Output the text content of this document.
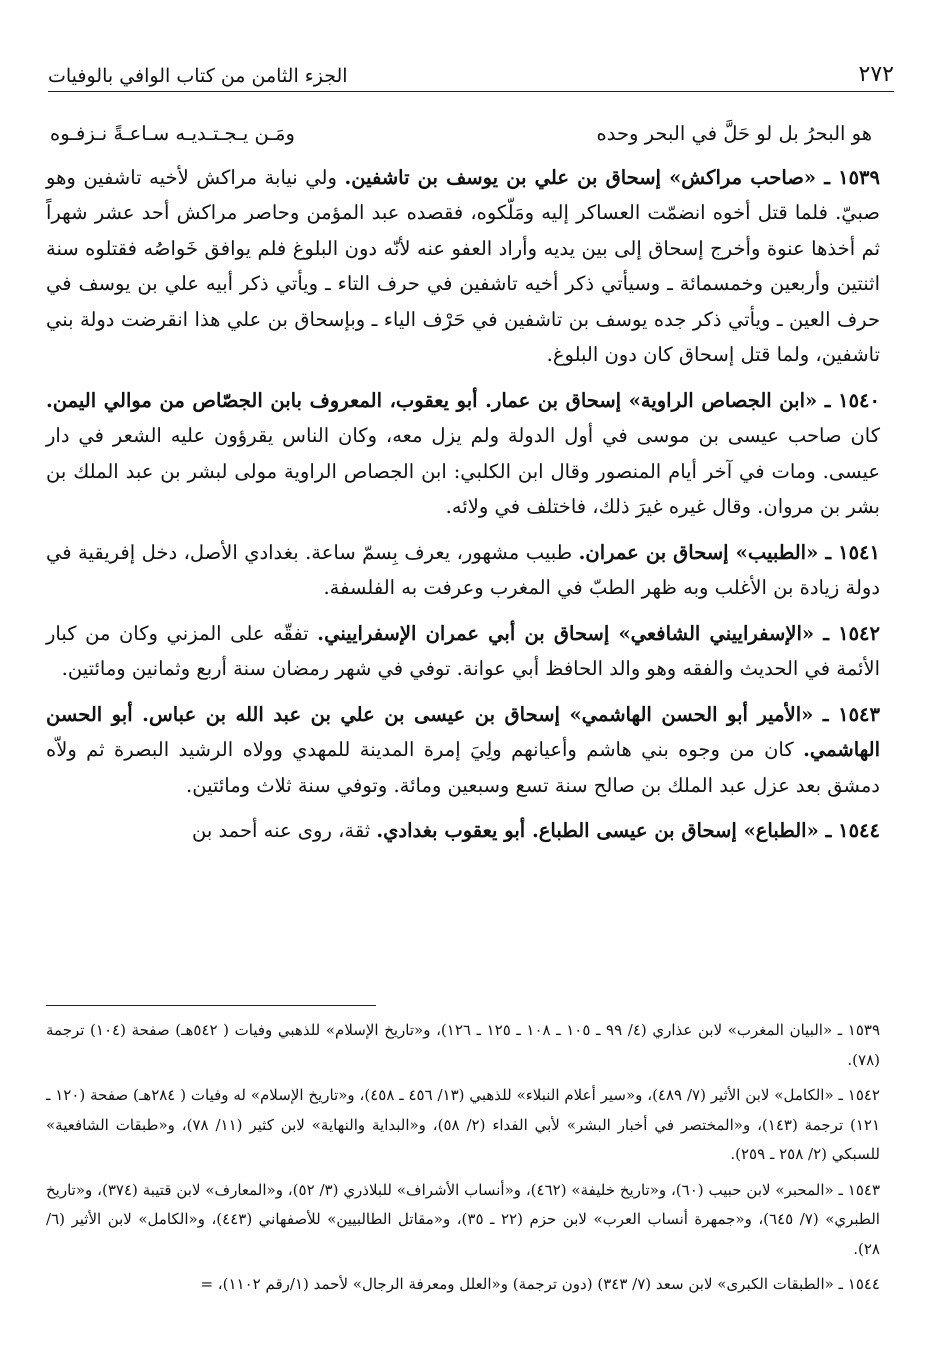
٢٧٢
الجزء الثامن من كتاب الوافي بالوفيات
هو البحرُ بل لو حَلَّ في البحر وحده
ومَـن يـجـتـديـه سـاعـةً نـزفـوه
١٥٣٩ ـ «صاحب مراكش» إسحاق بن علي بن يوسف بن تاشفين. ولي نيابة مراكش لأخيه تاشفين وهو صبيّ. فلما قتل أخوه انضمّت العساكر إليه ومَلّكوه، فقصده عبد المؤمن وحاصر مراكش أحد عشر شهراً ثم أخذها عنوة وأخرج إسحاق إلى بين يديه وأراد العفو عنه لأنّه دون البلوغ فلم يوافق خَواصُه فقتلوه سنة اثنتين وأربعين وخمسمائة ـ وسيأتي ذكر أخيه تاشفين في حرف التاء ـ ويأتي ذكر أبيه علي بن يوسف في حرف العين ـ ويأتي ذكر جده يوسف بن تاشفين في حَرْف الياء ـ وبإسحاق بن علي هذا انقرضت دولة بني تاشفين، ولما قتل إسحاق كان دون البلوغ.
١٥٤٠ ـ «ابن الجصاص الراوية» إسحاق بن عمار. أبو يعقوب، المعروف بابن الجصّاص من موالي اليمن. كان صاحب عيسى بن موسى في أول الدولة ولم يزل معه، وكان الناس يقرؤون عليه الشعر في دار عيسى. ومات في آخر أيام المنصور وقال ابن الكلبي: ابن الجصاص الراوية مولى لبشر بن عبد الملك بن بشر بن مروان. وقال غيره غيرَ ذلك، فاختلف في ولائه.
١٥٤١ ـ «الطبيب» إسحاق بن عمران. طبيب مشهور، يعرف بِسمّ ساعة. بغدادي الأصل، دخل إفريقية في دولة زيادة بن الأغلب وبه ظهر الطبّ في المغرب وعرفت به الفلسفة.
١٥٤٢ ـ «الإسفراييني الشافعي» إسحاق بن أبي عمران الإسفراييني. تفقّه على المزني وكان من كبار الأئمة في الحديث والفقه وهو والد الحافظ أبي عوانة. توفي في شهر رمضان سنة أربع وثمانين ومائتين.
١٥٤٣ ـ «الأمير أبو الحسن الهاشمي» إسحاق بن عيسى بن علي بن عبد الله بن عباس. أبو الحسن الهاشمي. كان من وجوه بني هاشم وأعيانهم ولِيَ إمرة المدينة للمهدي وولاه الرشيد البصرة ثم ولاّه دمشق بعد عزل عبد الملك بن صالح سنة تسع وسبعين ومائة. وتوفي سنة ثلاث ومائتين.
١٥٤٤ ـ «الطباع» إسحاق بن عيسى الطباع. أبو يعقوب بغدادي. ثقة، روى عنه أحمد بن
١٥٣٩ ـ «البيان المغرب» لابن عذاري (٤/ ٩٩ ـ ١٠٥ ـ ١٠٨ ـ ١٢٥ ـ ١٢٦)، و«تاريخ الإسلام» للذهبي وفيات ( ٥٤٢هـ) صفحة (١٠٤) ترجمة (٧٨).
١٥٤٢ ـ «الكامل» لابن الأثير (٧/ ٤٨٩)، و«سير أعلام النبلاء» للذهبي (١٣/ ٤٥٦ ـ ٤٥٨)، و«تاريخ الإسلام» له وفيات ( ٢٨٤هـ) صفحة (١٢٠ ـ ١٢١) ترجمة (١٤٣)، و«المختصر في أخبار البشر» لأبي الفداء (٢/ ٥٨)، و«البداية والنهاية» لابن كثير (١١/ ٧٨)، و«طبقات الشافعية» للسبكي (٢/ ٢٥٨ ـ ٢٥٩).
١٥٤٣ ـ «المحبر» لابن حبيب (٦٠)، و«تاريخ خليفة» (٤٦٢)، و«أنساب الأشراف» للبلاذري (٣/ ٥٢)، و«المعارف» لابن قتيبة (٣٧٤)، و«تاريخ الطبري» (٧/ ٦٤٥)، و«جمهرة أنساب العرب» لابن حزم (٢٢ ـ ٣٥)، و«مقاتل الطالبيين» للأصفهاني (٤٤٣)، و«الكامل» لابن الأثير (٦/ ٢٨).
١٥٤٤ ـ «الطبقات الكبرى» لابن سعد (٧/ ٣٤٣) (دون ترجمة) و«العلل ومعرفة الرجال» لأحمد (١/رقم ١١٠٢)، =
